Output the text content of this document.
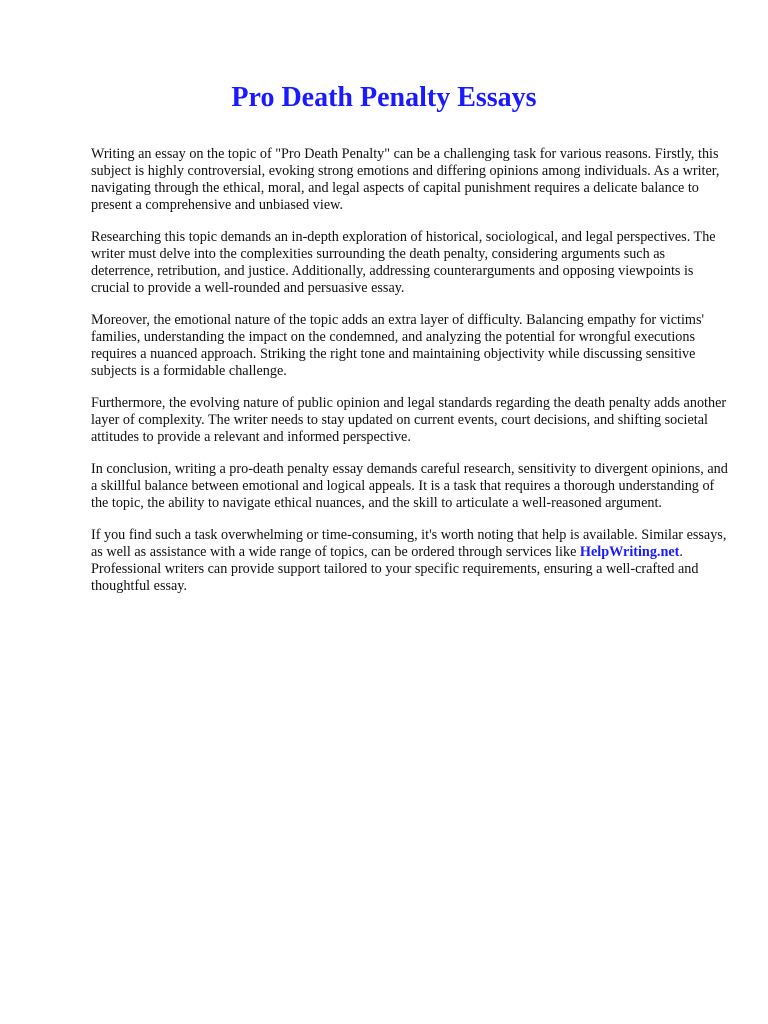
Pro Death Penalty Essays

Writing an essay on the topic of "Pro Death Penalty" can be a challenging task for various reasons. Firstly, this subject is highly controversial, evoking strong emotions and differing opinions among individuals. As a writer, navigating through the ethical, moral, and legal aspects of capital punishment requires a delicate balance to present a comprehensive and unbiased view.

Researching this topic demands an in-depth exploration of historical, sociological, and legal perspectives. The writer must delve into the complexities surrounding the death penalty, considering arguments such as deterrence, retribution, and justice. Additionally, addressing counterarguments and opposing viewpoints is crucial to provide a well-rounded and persuasive essay.

Moreover, the emotional nature of the topic adds an extra layer of difficulty. Balancing empathy for victims' families, understanding the impact on the condemned, and analyzing the potential for wrongful executions requires a nuanced approach. Striking the right tone and maintaining objectivity while discussing sensitive subjects is a formidable challenge.

Furthermore, the evolving nature of public opinion and legal standards regarding the death penalty adds another layer of complexity. The writer needs to stay updated on current events, court decisions, and shifting societal attitudes to provide a relevant and informed perspective.

In conclusion, writing a pro-death penalty essay demands careful research, sensitivity to divergent opinions, and a skillful balance between emotional and logical appeals. It is a task that requires a thorough understanding of the topic, the ability to navigate ethical nuances, and the skill to articulate a well-reasoned argument.

If you find such a task overwhelming or time-consuming, it's worth noting that help is available. Similar essays, as well as assistance with a wide range of topics, can be ordered through services like HelpWriting.net. Professional writers can provide support tailored to your specific requirements, ensuring a well-crafted and thoughtful essay.
